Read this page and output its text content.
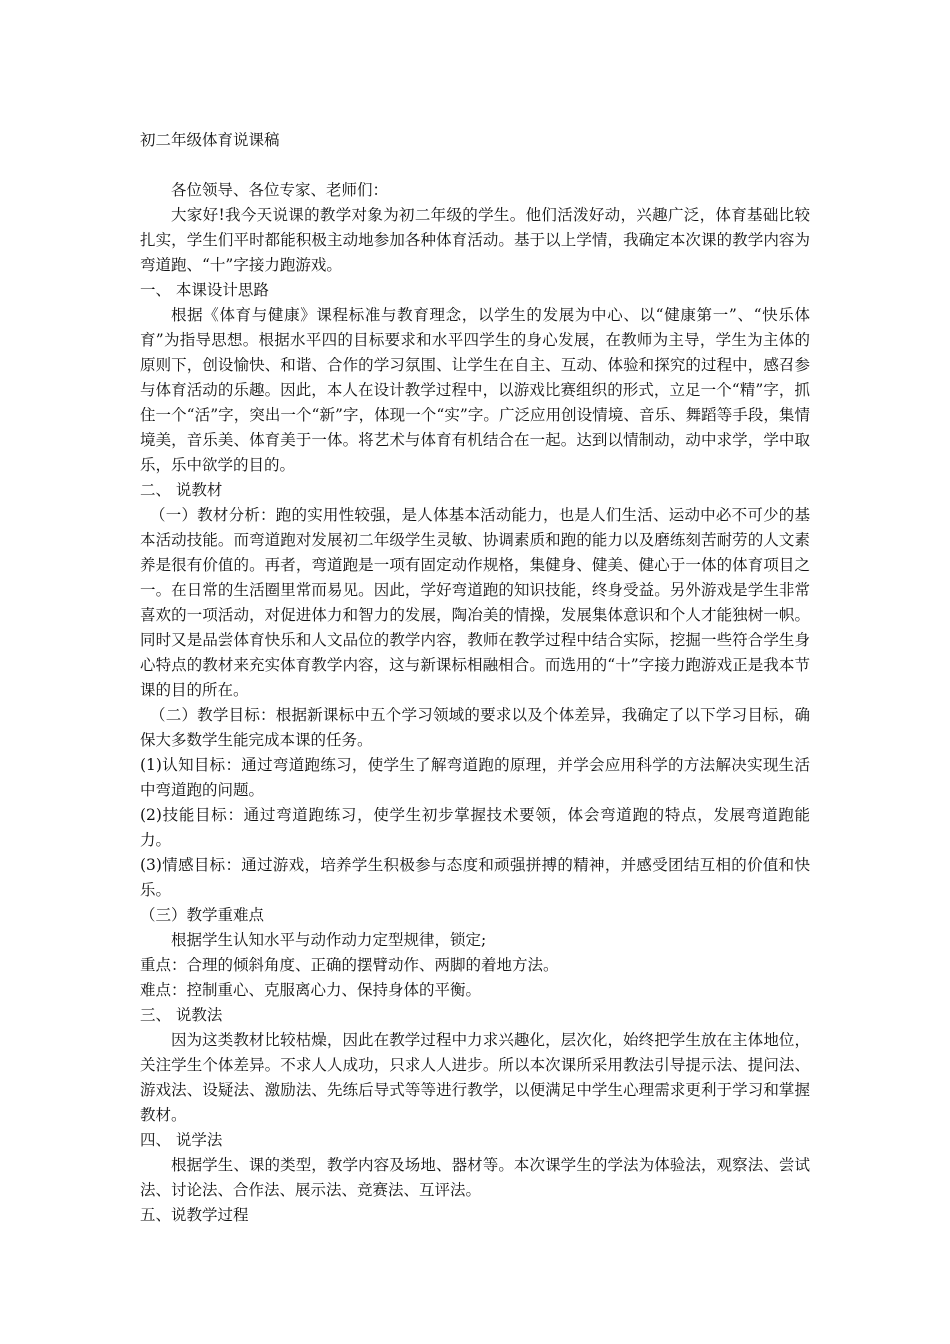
初二年级体育说课稿

各位领导、各位专家、老师们：

大家好!我今天说课的教学对象为初二年级的学生。他们活泼好动，兴趣广泛，体育基础比较扎实，学生们平时都能积极主动地参加各种体育活动。基于以上学情，我确定本次课的教学内容为弯道跑、“十”字接力跑游戏。

一、 本课设计思路

根据《体育与健康》课程标准与教育理念，以学生的发展为中心、以“健康第一”、“快乐体育”为指导思想。根据水平四的目标要求和水平四学生的身心发展，在教师为主导，学生为主体的原则下，创设愉快、和谐、合作的学习氛围、让学生在自主、互动、体验和探究的过程中，感召参与体育活动的乐趣。因此，本人在设计教学过程中，以游戏比赛组织的形式，立足一个“精”字，抓住一个“活”字，突出一个“新”字，体现一个“实”字。广泛应用创设情境、音乐、舞蹈等手段，集情境美，音乐美、体育美于一体。将艺术与体育有机结合在一起。达到以情制动，动中求学，学中取乐，乐中欲学的目的。

二、 说教材

（一）教材分析：跑的实用性较强，是人体基本活动能力，也是人们生活、运动中必不可少的基本活动技能。而弯道跑对发展初二年级学生灵敏、协调素质和跑的能力以及磨练刻苦耐劳的人文素养是很有价值的。再者，弯道跑是一项有固定动作规格，集健身、健美、健心于一体的体育项目之一。在日常的生活圈里常而易见。因此，学好弯道跑的知识技能，终身受益。另外游戏是学生非常喜欢的一项活动，对促进体力和智力的发展，陶冶美的情操，发展集体意识和个人才能独树一帜。同时又是品尝体育快乐和人文品位的教学内容，教师在教学过程中结合实际，挖掘一些符合学生身心特点的教材来充实体育教学内容，这与新课标相融相合。而选用的“十”字接力跑游戏正是我本节课的目的所在。

（二）教学目标：根据新课标中五个学习领域的要求以及个体差异，我确定了以下学习目标，确保大多数学生能完成本课的任务。

(1)认知目标：通过弯道跑练习，使学生了解弯道跑的原理，并学会应用科学的方法解决实现生活中弯道跑的问题。

(2)技能目标：通过弯道跑练习，使学生初步掌握技术要领，体会弯道跑的特点，发展弯道跑能力。

(3)情感目标：通过游戏，培养学生积极参与态度和顽强拼搏的精神，并感受团结互相的价值和快乐。

（三）教学重难点

根据学生认知水平与动作动力定型规律，锁定;

重点：合理的倾斜角度、正确的摆臂动作、两脚的着地方法。

难点：控制重心、克服离心力、保持身体的平衡。

三、 说教法

因为这类教材比较枯燥，因此在教学过程中力求兴趣化，层次化，始终把学生放在主体地位，关注学生个体差异。不求人人成功，只求人人进步。所以本次课所采用教法引导提示法、提问法、游戏法、设疑法、激励法、先练后导式等等进行教学，以便满足中学生心理需求更利于学习和掌握教材。

四、 说学法

根据学生、课的类型，教学内容及场地、器材等。本次课学生的学法为体验法，观察法、尝试法、讨论法、合作法、展示法、竞赛法、互评法。

五、说教学过程
